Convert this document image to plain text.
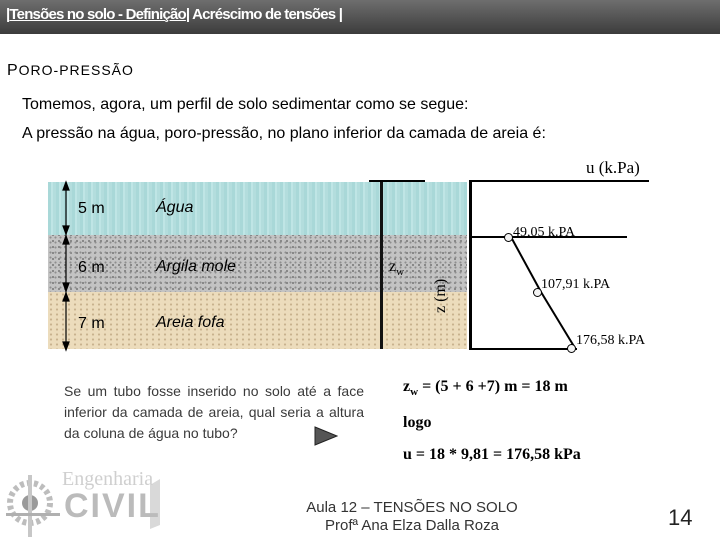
|Tensões no solo - Definição| Acréscimo de tensões |
PORO-PRESSÃO
Tomemos, agora, um perfil de solo sedimentar como se segue:
A pressão na água, poro-pressão, no plano inferior da camada de areia é:
5 m	Água
6 m	Argila mole
7 m	Areia fofa
49,05 k.PA
107,91 k.PA
176,58 k.PA
u (k.Pa)
z (m)
$z_w$
Se um tubo fosse inserido no solo até a face inferior da camada de areia, qual seria a altura da coluna de água no tubo?
$z_w = (5 + 6 +7) m = 18$ m
logo
u = 18 * 9,81 = 176,58 kPa
Aula 12 – TENSÕES NO SOLO
Profª Ana Elza Dalla Roza	14
Engenharia
CIVIL
